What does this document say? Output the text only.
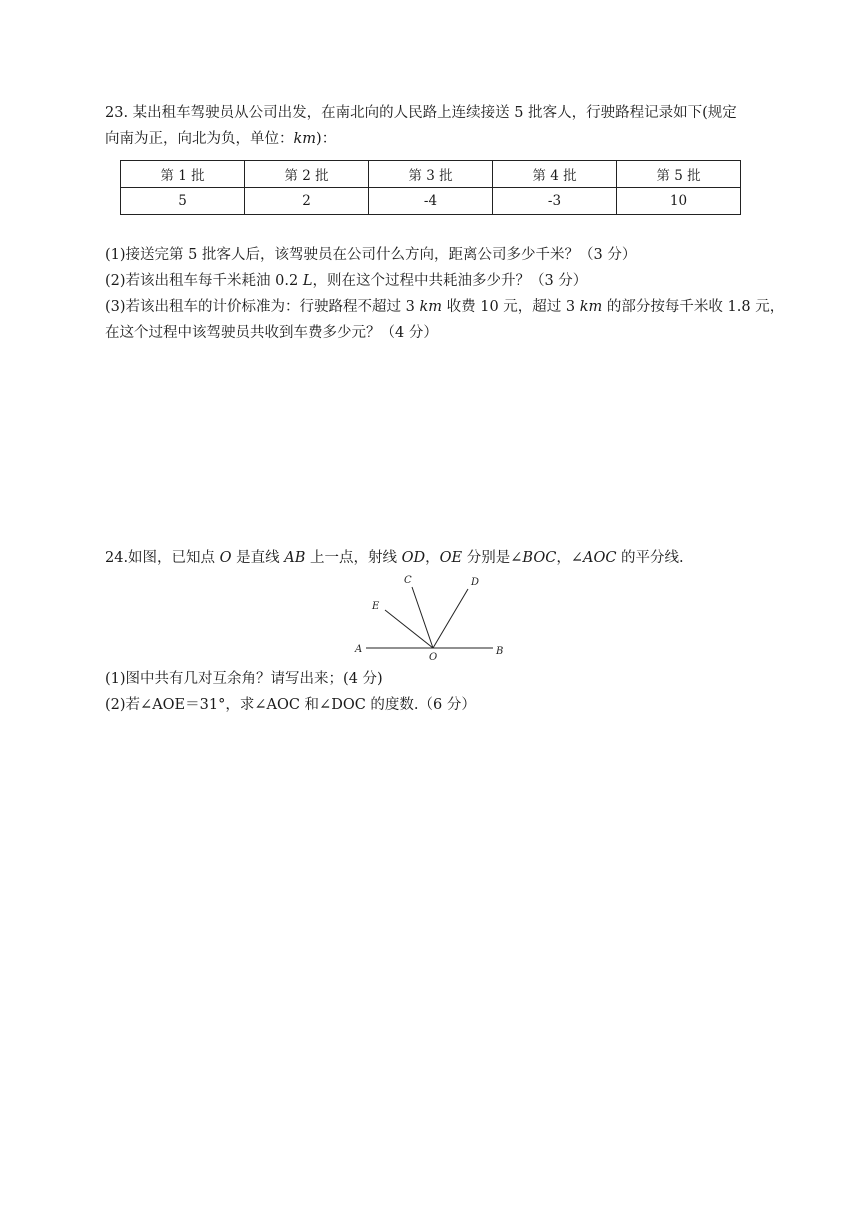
23. 某出租车驾驶员从公司出发，在南北向的人民路上连续接送 5 批客人，行驶路程记录如下(规定
向南为正，向北为负，单位：km)：
第 1 批	第 2 批	第 3 批	第 4 批	第 5 批
5	2	-4	-3	10
(1)接送完第 5 批客人后，该驾驶员在公司什么方向，距离公司多少千米？（3 分）
(2)若该出租车每千米耗油 0.2 L，则在这个过程中共耗油多少升？（3 分）
(3)若该出租车的计价标准为：行驶路程不超过 3 km 收费 10 元，超过 3 km 的部分按每千米收 1.8 元，
在这个过程中该驾驶员共收到车费多少元？（4 分）
24.如图，已知点 O 是直线 AB 上一点，射线 OD，OE 分别是∠BOC，∠AOC 的平分线.
A	B
C	D
E
O
(1)图中共有几对互余角？请写出来；(4 分)
(2)若∠AOE＝31°，求∠AOC 和∠DOC 的度数.（6 分）
